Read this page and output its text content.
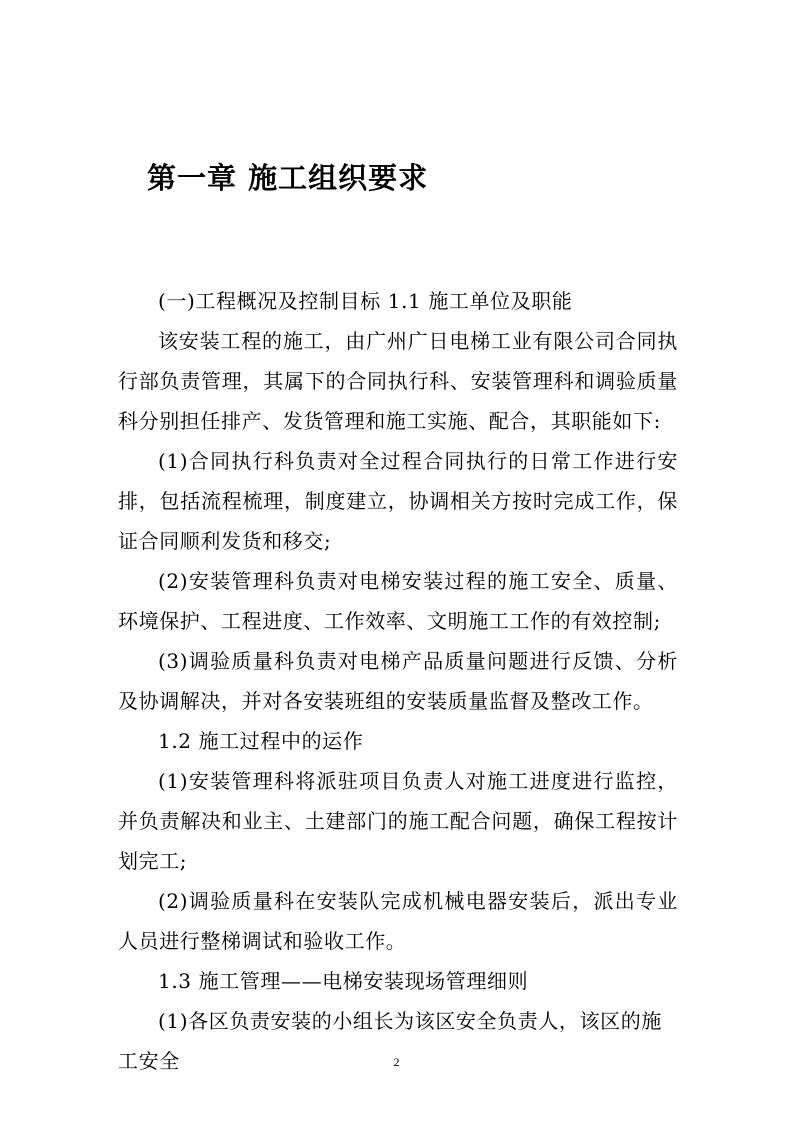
第一章 施工组织要求

(一)工程概况及控制目标 1.1 施工单位及职能

该安装工程的施工，由广州广日电梯工业有限公司合同执行部负责管理，其属下的合同执行科、安装管理科和调验质量科分别担任排产、发货管理和施工实施、配合，其职能如下:

(1)合同执行科负责对全过程合同执行的日常工作进行安排，包括流程梳理，制度建立，协调相关方按时完成工作，保证合同顺利发货和移交;

(2)安装管理科负责对电梯安装过程的施工安全、质量、环境保护、工程进度、工作效率、文明施工工作的有效控制;

(3)调验质量科负责对电梯产品质量问题进行反馈、分析及协调解决，并对各安装班组的安装质量监督及整改工作。

1.2 施工过程中的运作

(1)安装管理科将派驻项目负责人对施工进度进行监控，并负责解决和业主、土建部门的施工配合问题，确保工程按计划完工;

(2)调验质量科在安装队完成机械电器安装后，派出专业人员进行整梯调试和验收工作。

1.3 施工管理——电梯安装现场管理细则

(1)各区负责安装的小组长为该区安全负责人，该区的施工安全	2
